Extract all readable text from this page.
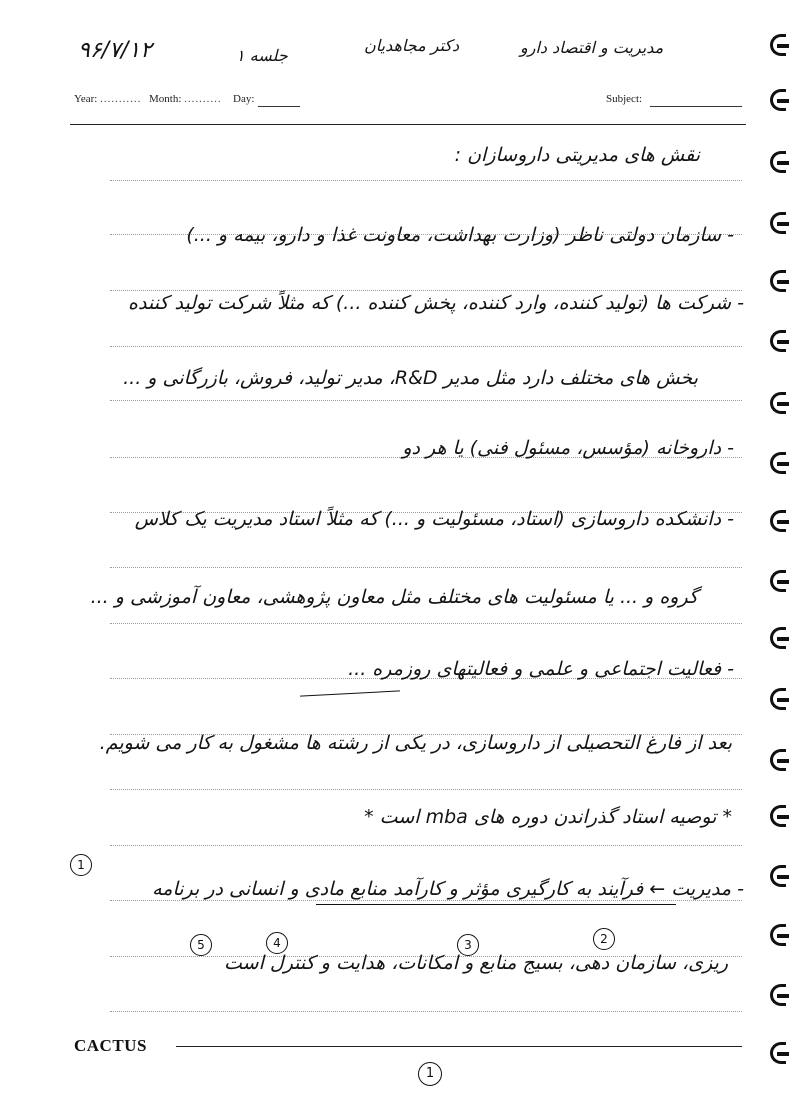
۹۶/۷/۱۲	جلسه ۱
دکتر مجاهدیان	مدیریت و اقتصاد دارو
Year: ........... Month: .......... Day:	Subject:
نقش های مدیریتی داروسازان :
- سازمان دولتی ناظر (وزارت بهداشت، معاونت غذا و دارو، بیمه و ...)
- شرکت ها (تولید کننده، وارد کننده، پخش کننده ...) که مثلاً شرکت تولید کننده
بخش های مختلف دارد مثل مدیر R&D، مدیر تولید، فروش، بازرگانی و ...
- داروخانه (مؤسس، مسئول فنی) یا هر دو
- دانشکده داروسازی (استاد، مسئولیت و ...) که مثلاً استاد مدیریت یک کلاس
گروه و ... یا مسئولیت های مختلف مثل معاون پژوهشی، معاون آموزشی و ...
- فعالیت اجتماعی و علمی و فعالیتهای روزمره ...
بعد از فارغ التحصیلی از داروسازی، در یکی از رشته ها مشغول به کار می شویم.
* توصیه استاد گذراندن دوره های mba است *
- مدیریت ← فرآیند به کارگیری مؤثر و کارآمد منابع مادی و انسانی در برنامه
ریزی، سازمان دهی، بسیج منابع و امکانات، هدایت و کنترل است
1
2
3
4
5
CACTUS
1
